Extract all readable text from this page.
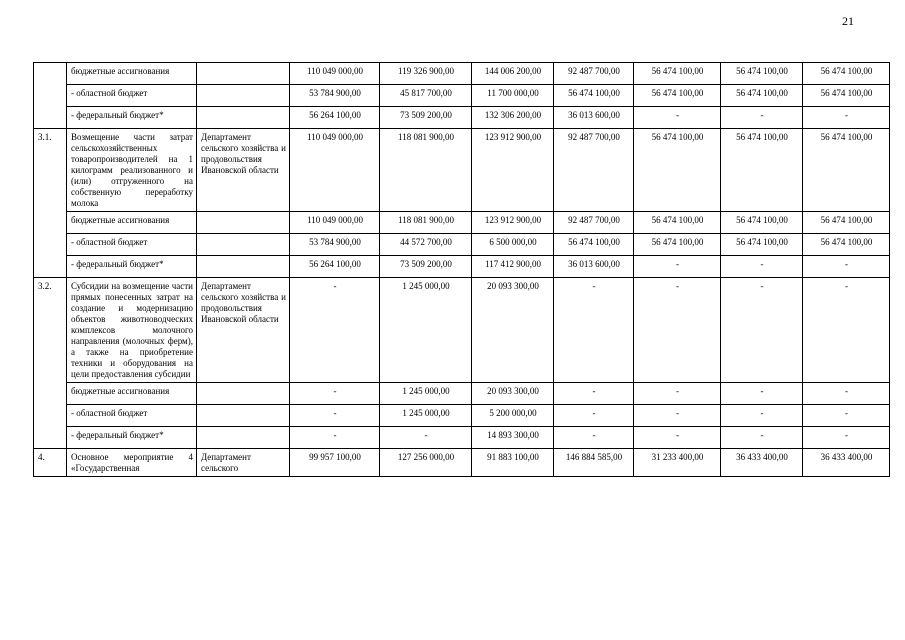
21
	бюджетные ассигнования		110 049 000,00	119 326 900,00	144 006 200,00	92 487 700,00	56 474 100,00	56 474 100,00	56 474 100,00
	- областной бюджет		53 784 900,00	45 817 700,00	11 700 000,00	56 474 100,00	56 474 100,00	56 474 100,00	56 474 100,00
	- федеральный бюджет*		56 264 100,00	73 509 200,00	132 306 200,00	36 013 600,00	-	-	-
3.1.	Возмещение части затрат сельскохозяйственных товаропроизводителей на 1 килограмм реализованного и (или) отгруженного на собственную переработку молока	Департамент сельского хозяйства и продовольствия Ивановской области	110 049 000,00	118 081 900,00	123 912 900,00	92 487 700,00	56 474 100,00	56 474 100,00	56 474 100,00
	бюджетные ассигнования		110 049 000,00	118 081 900,00	123 912 900,00	92 487 700,00	56 474 100,00	56 474 100,00	56 474 100,00
	- областной бюджет		53 784 900,00	44 572 700,00	6 500 000,00	56 474 100,00	56 474 100,00	56 474 100,00	56 474 100,00
	- федеральный бюджет*		56 264 100,00	73 509 200,00	117 412 900,00	36 013 600,00	-	-	-
3.2.	Субсидии на возмещение части прямых понесенных затрат на создание и модернизацию объектов животноводческих комплексов молочного направления (молочных ферм), а также на приобретение техники и оборудования на цели предоставления субсидии	Департамент сельского хозяйства и продовольствия Ивановской области	-	1 245 000,00	20 093 300,00	-	-	-	-
	бюджетные ассигнования		-	1 245 000,00	20 093 300,00	-	-	-	-
	- областной бюджет		-	1 245 000,00	5 200 000,00	-	-	-	-
	- федеральный бюджет*		-	-	14 893 300,00	-	-	-	-
4.	Основное мероприятие 4 «Государственная	Департамент сельского	99 957 100,00	127 256 000,00	91 883 100,00	146 884 585,00	31 233 400,00	36 433 400,00	36 433 400,00
